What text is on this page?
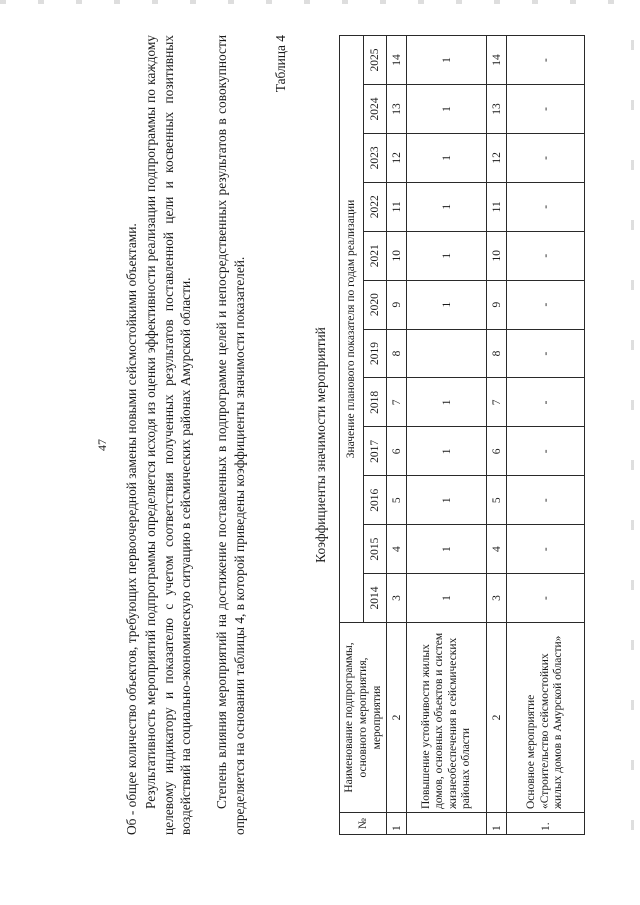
47 Об - общее количество объектов, требующих первоочередной замены новыми сейсмостойкими объектами. Результативность мероприятий подпрограммы определяется исходя из оценки эффективности реализации подпрограммы по каждому целевому индикатору и показателю с учетом соответствия полученных результатов поставленной цели и косвенных позитивных воздействий на социально-экономическую ситуацию в сейсмических районах Амурской области. Степень влияния мероприятий на достижение поставленных в подпрограмме целей и непосредственных результатов в совокупности определяется на основании таблицы 4, в которой приведены коэффициенты значимости показателей.

Таблица 4
Коэффициенты значимости мероприятий
№	Наименование подпрограммы, основного мероприятия, мероприятия	Значение планового показателя по годам реализации											
		2014	2015	2016	2017	2018	2019	2020	2021	2022	2023	2024	2025
1	2	3	4	5	6	7	8	9	10	11	12	13	14
	Повышение устойчивости жилых домов, основных объектов и систем жизнеобеспечения в сейсмических районах области	1	1	1	1	1		1	1	1	1	1	1
1	2	3	4	5	6	7	8	9	10	11	12	13	14
1.	Основное мероприятие «Строительство сейсмостойких жилых домов в Амурской области»	-	-	-	-	-	-	-	-	-	-	-	-
